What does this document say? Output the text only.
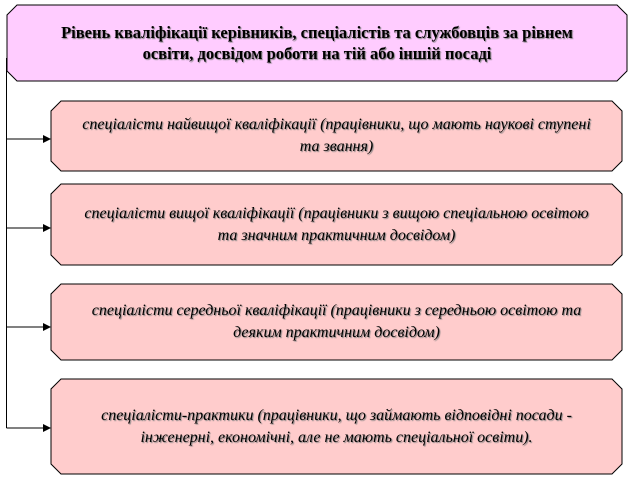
Рівень кваліфікації керівників, спеціалістів та службовців за рівнем освіти, досвідом роботи на тій або іншій посаді
спеціалісти найвищої кваліфікації (працівники, що мають наукові ступені та звання)
спеціалісти вищої кваліфікації (працівники з вищою спеціальною освітою та значним практичним досвідом)
спеціалісти середньої кваліфікації (працівники з середньою освітою та деяким практичним досвідом)
спеціалісти-практики (працівники, що займають відповідні посади - інженерні, економічні, але не мають спеціальної освіти).
